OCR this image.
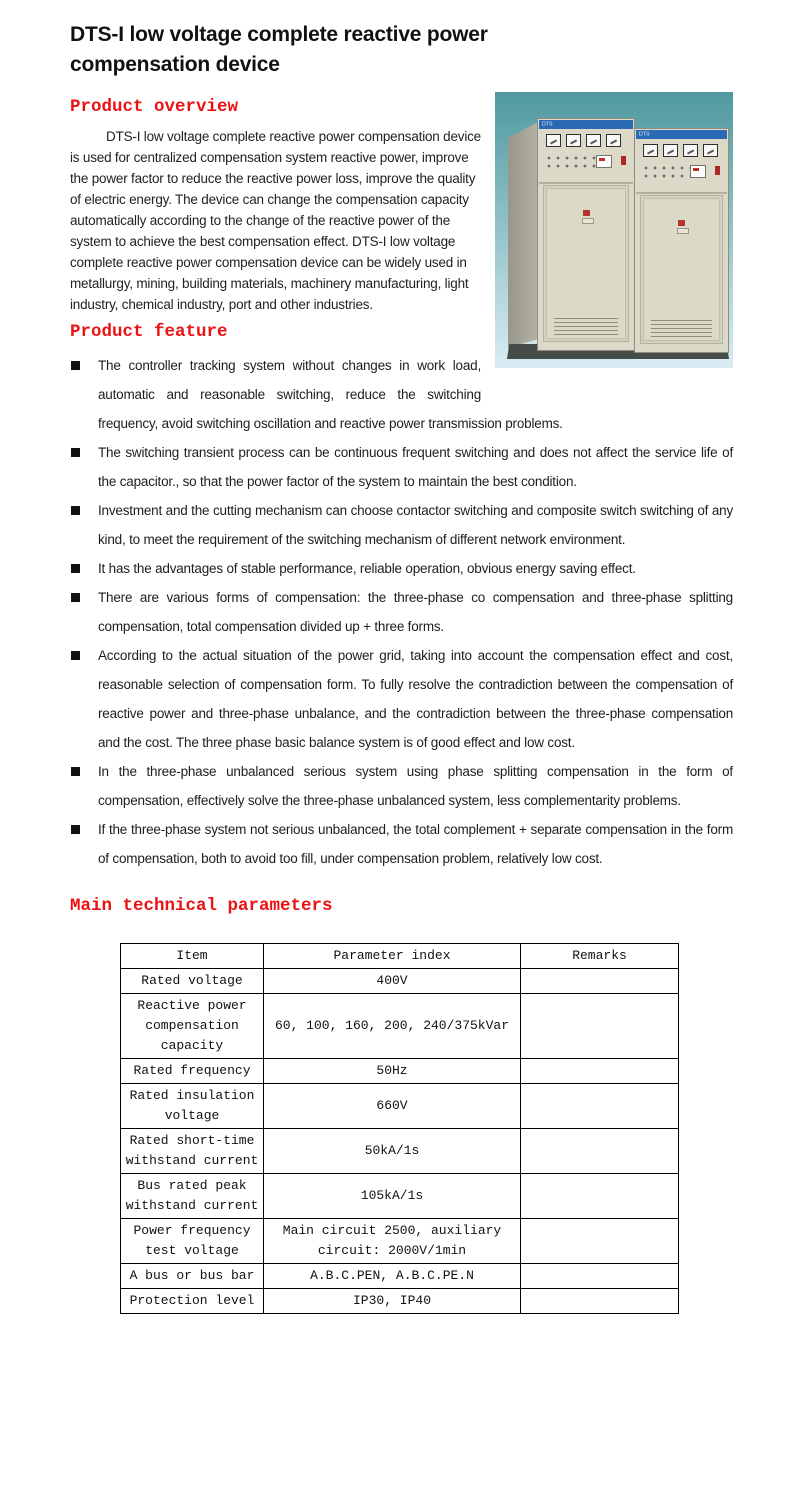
DTS-I low voltage complete reactive power compensation device
DTS
DTS
Product overview

DTS-I low voltage complete reactive power compensation device is used for centralized compensation system reactive power, improve the power factor to reduce the reactive power loss, improve the quality of electric energy. The device can change the compensation capacity automatically according to the change of the reactive power of the system to achieve the best compensation effect. DTS-I low voltage complete reactive power compensation device can be widely used in metallurgy, mining, building materials, machinery manufacturing, light industry, chemical industry, port and other industries.

Product feature
The controller tracking system without changes in work load, automatic and reasonable switching, reduce the switching frequency, avoid switching oscillation and reactive power transmission problems.
The switching transient process can be continuous frequent switching and does not affect the service life of the capacitor., so that the power factor of the system to maintain the best condition.
Investment and the cutting mechanism can choose contactor switching and composite switch switching of any kind, to meet the requirement of the switching mechanism of different network environment.
It has the advantages of stable performance, reliable operation, obvious energy saving effect.
There are various forms of compensation: the three-phase co compensation and three-phase splitting compensation, total compensation divided up + three forms.
According to the actual situation of the power grid, taking into account the compensation effect and cost, reasonable selection of compensation form. To fully resolve the contradiction between the compensation of reactive power and three-phase unbalance, and the contradiction between the three-phase compensation and the cost. The three phase basic balance system is of good effect and low cost.
In the three-phase unbalanced serious system using phase splitting compensation in the form of compensation, effectively solve the three-phase unbalanced system, less complementarity problems.
If the three-phase system not serious unbalanced, the total complement + separate compensation in the form of compensation, both to avoid too fill, under compensation problem, relatively low cost.
Main technical parameters
Item	Parameter index	Remarks
Rated voltage	400V	
Reactive power compensation capacity	60, 100, 160, 200, 240/375kVar	
Rated frequency	50Hz	
Rated insulation voltage	660V	
Rated short-time withstand current	50kA/1s	
Bus rated peak withstand current	105kA/1s	
Power frequency test voltage	Main circuit 2500, auxiliary circuit: 2000V/1min	
A bus or bus bar	A.B.C.PEN, A.B.C.PE.N	
Protection level	IP30, IP40	
